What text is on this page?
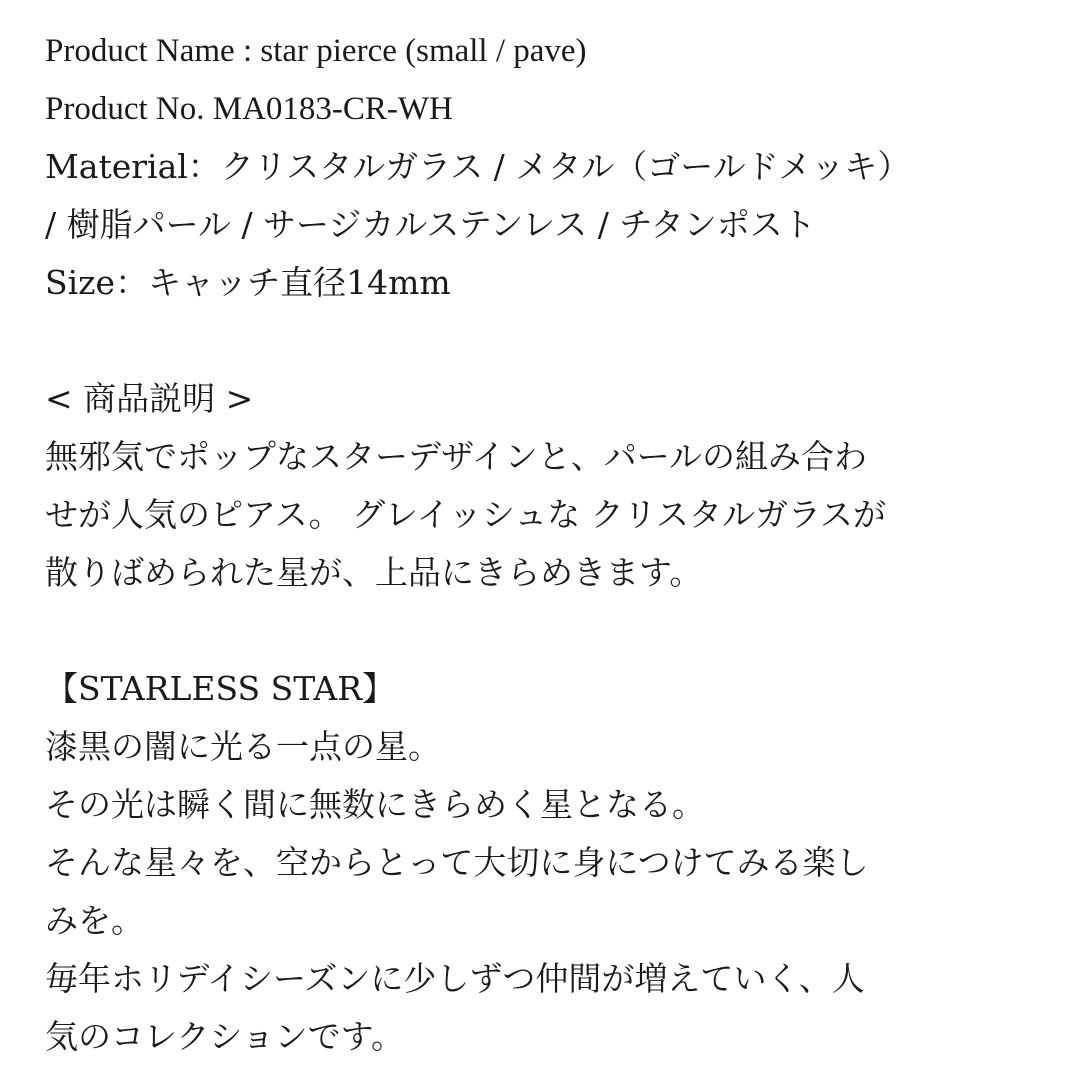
Product Name : star pierce (small / pave)
Product No. MA0183-CR-WH
Material：クリスタルガラス / メタル（ゴールドメッキ）
/ 樹脂パール / サージカルステンレス / チタンポスト
Size：キャッチ直径14mm
< 商品説明 >
無邪気でポップなスターデザインと、パールの組み合わ
せが人気のピアス。 グレイッシュな クリスタルガラスが
散りばめられた星が、上品にきらめきます。
【STARLESS STAR】
漆黒の闇に光る一点の星。
その光は瞬く間に無数にきらめく星となる。
そんな星々を、空からとって大切に身につけてみる楽し
みを。
毎年ホリデイシーズンに少しずつ仲間が増えていく、人
気のコレクションです。
